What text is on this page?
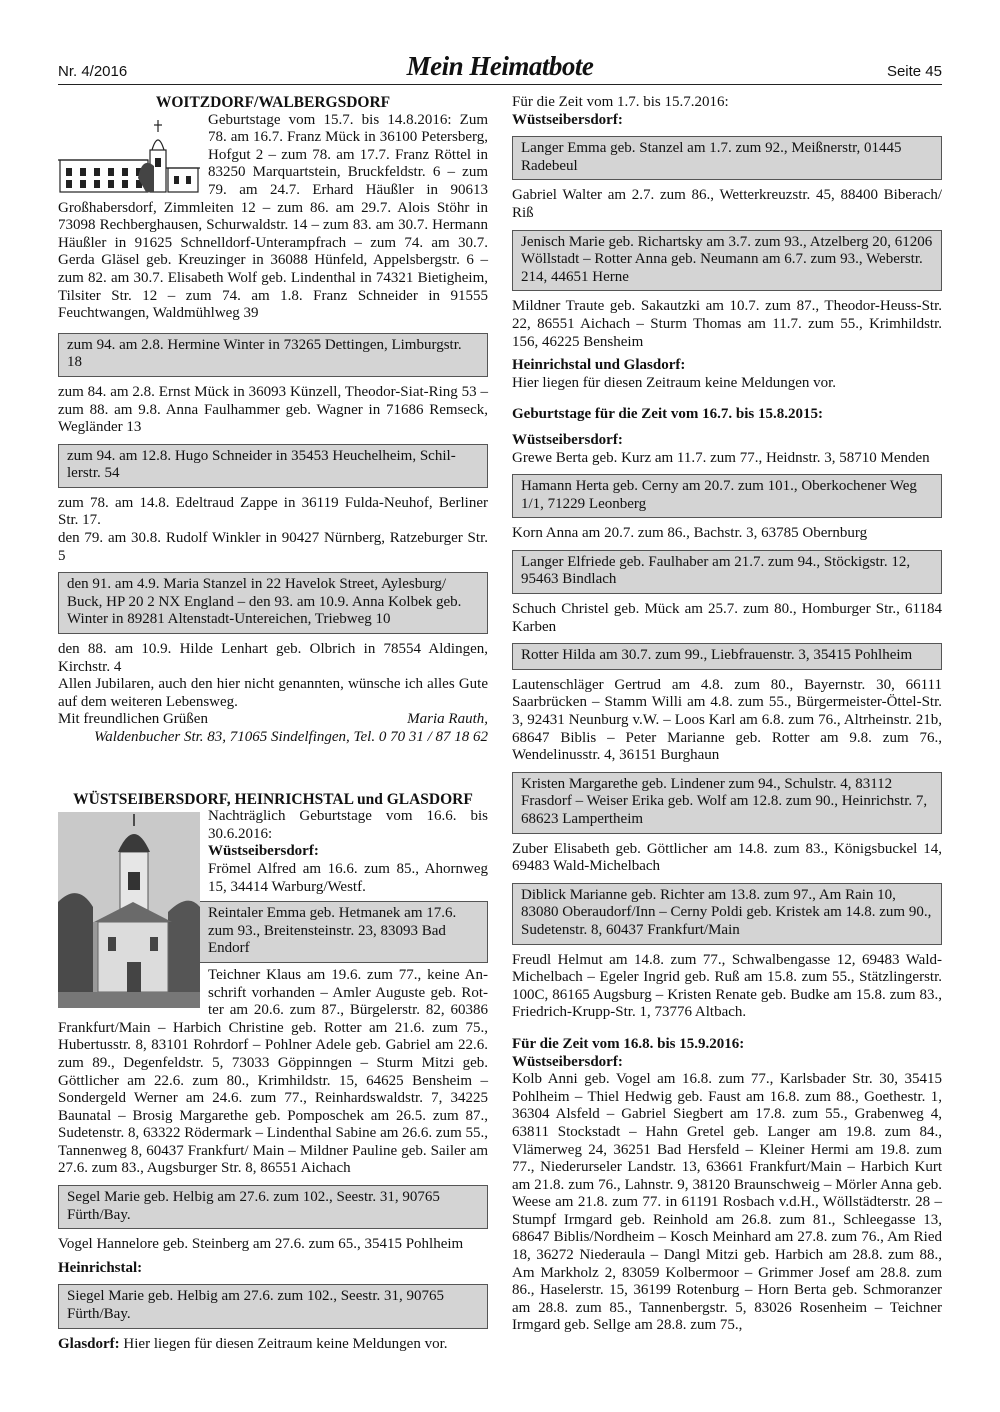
Nr. 4/2016	Mein Heimatbote	Seite 45

WOITZDORF/WALBERGSDORF

Geburtstage vom 15.7. bis 14.8.2016: Zum 78. am 16.7. Franz Mück in 36100 Petersberg, Hofgut 2 – zum 78. am 17.7. Franz Röttel in 83250 Marquartstein, Bruckfeldstr. 6 – zum 79. am 24.7. Erhard Häußler in 90613 Großhabersdorf, Zimmleiten 12 – zum 86. am 29.7. Alois Stöhr in 73098 Rechberghausen, Schurwaldstr. 14 – zum 83. am 30.7. Hermann Häußler in 91625 Schnelldorf-Unterampfrach – zum 74. am 30.7. Gerda Gläsel geb. Kreuzinger in 36088 Hünfeld, Appelsbergstr. 6 – zum 82. am 30.7. Elisabeth Wolf geb. Lindenthal in 74321 Bietigheim, Tilsiter Str. 12 – zum 74. am 1.8. Franz Schneider in 91555 Feuchtwangen, Waldmühlweg 39

zum 94. am 2.8. Hermine Winter in 73265 Dettingen, Limburgstr. 18

zum 84. am 2.8. Ernst Mück in 36093 Künzell, Theodor-Siat-Ring 53 – zum 88. am 9.8. Anna Faulhammer geb. Wagner in 71686 Remseck, Wegländer 13

zum 94. am 12.8. Hugo Schneider in 35453 Heuchelheim, Schillerstr. 54

zum 78. am 14.8. Edeltraud Zappe in 36119 Fulda-Neuhof, Berliner Str. 17.

den 79. am 30.8. Rudolf Winkler in 90427 Nürnberg, Ratzeburger Str. 5

den 91. am 4.9. Maria Stanzel in 22 Havelok Street, Aylesburg/ Buck, HP 20 2 NX England – den 93. am 10.9. Anna Kolbek geb. Winter in 89281 Altenstadt-Untereichen, Triebweg 10

den 88. am 10.9. Hilde Lenhart geb. Olbrich in 78554 Aldingen, Kirchstr. 4

Allen Jubilaren, auch den hier nicht genannten, wünsche ich alles Gute auf dem weiteren Lebensweg.

Mit freundlichen Grüßen	Maria Rauth,

Waldenbucher Str. 83, 71065 Sindelfingen, Tel. 0 70 31 / 87 18 62

WÜSTSEIBERSDORF, HEINRICHSTAL und GLASDORF

Nachträglich Geburtstage vom 16.6. bis 30.6.2016:

Wüstseibersdorf:

Frömel Alfred am 16.6. zum 85., Ahornweg 15, 34414 Warburg/Westf.

Reintaler Emma geb. Hetmanek am 17.6. zum 93., Breitensteinstr. 23, 83093 Bad Endorf

Teichner Klaus am 19.6. zum 77., keine Anschrift vorhanden – Amler Auguste geb. Rotter am 20.6. zum 87., Bürgelerstr. 82, 60386 Frankfurt/Main – Harbich Christine geb. Rotter am 21.6. zum 75., Hubertusstr. 8, 83101 Rohrdorf – Pohlner Adele geb. Gabriel am 22.6. zum 89., Degenfeldstr. 5, 73033 Göppinngen – Sturm Mitzi geb. Göttlicher am 22.6. zum 80., Krimhildstr. 15, 64625 Bensheim – Sondergeld Werner am 24.6. zum 77., Reinhardswaldstr. 7, 34225 Baunatal – Brosig Margarethe geb. Pomposchek am 26.5. zum 87., Sudetenstr. 8, 63322 Rödermark – Lindenthal Sabine am 26.6. zum 55., Tannenweg 8, 60437 Frankfurt/ Main – Mildner Pauline geb. Sailer am 27.6. zum 83., Augsburger Str. 8, 86551 Aichach

Segel Marie geb. Helbig am 27.6. zum 102., Seestr. 31, 90765 Fürth/Bay.

Vogel Hannelore geb. Steinberg am 27.6. zum 65., 35415 Pohlheim

Heinrichstal:

Siegel Marie geb. Helbig am 27.6. zum 102., Seestr. 31, 90765 Fürth/Bay.

Glasdorf: Hier liegen für diesen Zeitraum keine Meldungen vor.

Für die Zeit vom 1.7. bis 15.7.2016:

Wüstseibersdorf:

Langer Emma geb. Stanzel am 1.7. zum 92., Meißnerstr, 01445 Radebeul

Gabriel Walter am 2.7. zum 86., Wetterkreuzstr. 45, 88400 Biberach/ Riß

Jenisch Marie geb. Richartsky am 3.7. zum 93., Atzelberg 20, 61206 Wöllstadt – Rotter Anna geb. Neumann am 6.7. zum 93., Weberstr. 214, 44651 Herne

Mildner Traute geb. Sakautzki am 10.7. zum 87., Theodor-Heuss-Str. 22, 86551 Aichach – Sturm Thomas am 11.7. zum 55., Krimhildstr. 156, 46225 Bensheim

Heinrichstal und Glasdorf:

Hier liegen für diesen Zeitraum keine Meldungen vor.

Geburtstage für die Zeit vom 16.7. bis 15.8.2015:

Wüstseibersdorf:

Grewe Berta geb. Kurz am 11.7. zum 77., Heidnstr. 3, 58710 Menden

Hamann Herta geb. Cerny am 20.7. zum 101., Oberkochener Weg 1/1, 71229 Leonberg

Korn Anna am 20.7. zum 86., Bachstr. 3, 63785 Obernburg

Langer Elfriede geb. Faulhaber am 21.7. zum 94., Stöckigstr. 12, 95463 Bindlach

Schuch Christel geb. Mück am 25.7. zum 80., Homburger Str., 61184 Karben

Rotter Hilda am 30.7. zum 99., Liebfrauenstr. 3, 35415 Pohlheim

Lautenschläger Gertrud am 4.8. zum 80., Bayernstr. 30, 66111 Saarbrücken – Stamm Willi am 4.8. zum 55., Bürgermeister-Öttel-Str. 3, 92431 Neunburg v.W. – Loos Karl am 6.8. zum 76., Altrheinstr. 21b, 68647 Biblis – Peter Marianne geb. Rotter am 9.8. zum 76., Wendelinusstr. 4, 36151 Burghaun

Kristen Margarethe geb. Lindener zum 94., Schulstr. 4, 83112 Frasdorf – Weiser Erika geb. Wolf am 12.8. zum 90., Heinrichstr. 7, 68623 Lampertheim

Zuber Elisabeth geb. Göttlicher am 14.8. zum 83., Königsbuckel 14, 69483 Wald-Michelbach

Diblick Marianne geb. Richter am 13.8. zum 97., Am Rain 10, 83080 Oberaudorf/Inn – Cerny Poldi geb. Kristek am 14.8. zum 90., Sudetenstr. 8, 60437 Frankfurt/Main

Freudl Helmut am 14.8. zum 77., Schwalbengasse 12, 69483 Wald-Michelbach – Egeler Ingrid geb. Ruß am 15.8. zum 55., Stätzlingerstr. 100C, 86165 Augsburg – Kristen Renate geb. Budke am 15.8. zum 83., Friedrich-Krupp-Str. 1, 73776 Altbach.

Für die Zeit vom 16.8. bis 15.9.2016:

Wüstseibersdorf:

Kolb Anni geb. Vogel am 16.8. zum 77., Karlsbader Str. 30, 35415 Pohlheim – Thiel Hedwig geb. Faust am 16.8. zum 88., Goethestr. 1, 36304 Alsfeld – Gabriel Siegbert am 17.8. zum 55., Grabenweg 4, 63811 Stockstadt – Hahn Gretel geb. Langer am 19.8. zum 84., Vlämerweg 24, 36251 Bad Hersfeld – Kleiner Hermi am 19.8. zum 77., Niederurseler Landstr. 13, 63661 Frankfurt/Main – Harbich Kurt am 21.8. zum 76., Lahnstr. 9, 38120 Braunschweig – Mörler Anna geb. Weese am 21.8. zum 77. in 61191 Rosbach v.d.H., Wöllstädterstr. 28 – Stumpf Irmgard geb. Reinhold am 26.8. zum 81., Schleegasse 13, 68647 Biblis/Nordheim – Kosch Meinhard am 27.8. zum 76., Am Ried 18, 36272 Niederaula – Dangl Mitzi geb. Harbich am 28.8. zum 88., Am Markholz 2, 83059 Kolbermoor – Grimmer Josef am 28.8. zum 86., Haselerstr. 15, 36199 Rotenburg – Horn Berta geb. Schmoranzer am 28.8. zum 85., Tannenbergstr. 5, 83026 Rosenheim – Teichner Irmgard geb. Sellge am 28.8. zum 75.,
